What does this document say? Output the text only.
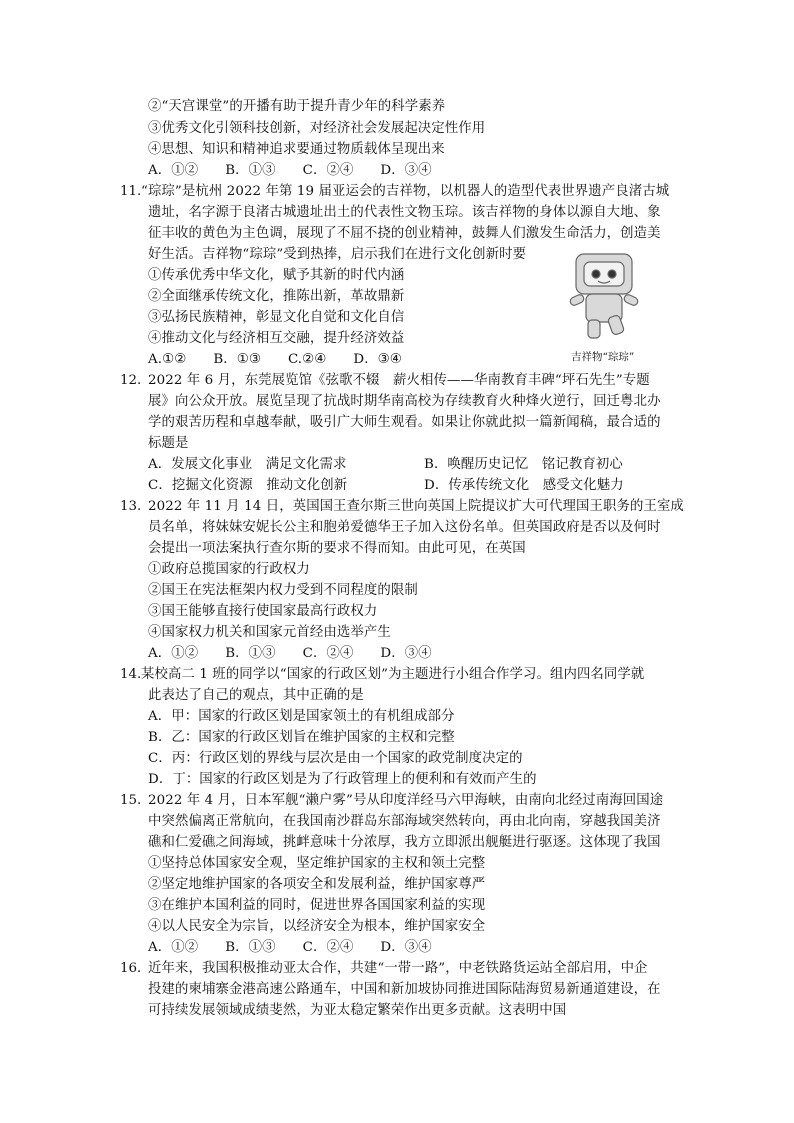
②“天宫课堂”的开播有助于提升青少年的科学素养
③优秀文化引领科技创新，对经济社会发展起决定性作用
④思想、知识和精神追求要通过物质载体呈现出来
A．①②　　B．①③　　C．②④　　D．③④
11. “琮琮”是杭州 2022 年第 19 届亚运会的吉祥物，以机器人的造型代表世界遗产良渚古城
遗址，名字源于良渚古城遗址出土的代表性文物玉琮。该吉祥物的身体以源自大地、象
征丰收的黄色为主色调，展现了不屈不挠的创业精神，鼓舞人们激发生命活力，创造美
好生活。吉祥物“琮琮”受到热捧，启示我们在进行文化创新时要
①传承优秀中华文化，赋予其新的时代内涵
②全面继承传统文化，推陈出新，革故鼎新
③弘扬民族精神，彰显文化自觉和文化自信
④推动文化与经济相互交融，提升经济效益
A.①②　　B．①③　　C.②④　　D．③④	吉祥物“琮琮”
12. 2022 年 6 月，东莞展览馆《弦歌不辍　薪火相传——华南教育丰碑“坪石先生”专题
展》向公众开放。展览呈现了抗战时期华南高校为存续教育火种烽火逆行，回迁粤北办
学的艰苦历程和卓越奉献，吸引广大师生观看。如果让你就此拟一篇新闻稿，最合适的
标题是
A．发展文化事业　满足文化需求	B．唤醒历史记忆　铭记教育初心
C．挖掘文化资源　推动文化创新	D．传承传统文化　感受文化魅力
13. 2022 年 11 月 14 日，英国国王查尔斯三世向英国上院提议扩大可代理国王职务的王室成
员名单，将妹妹安妮长公主和胞弟爱德华王子加入这份名单。但英国政府是否以及何时
会提出一项法案执行查尔斯的要求不得而知。由此可见，在英国
①政府总揽国家的行政权力
②国王在宪法框架内权力受到不同程度的限制
③国王能够直接行使国家最高行政权力
④国家权力机关和国家元首经由选举产生
A．①②　　B．①③　　C．②④　　D．③④
14. 某校高二 1 班的同学以“国家的行政区划”为主题进行小组合作学习。组内四名同学就
此表达了自己的观点，其中正确的是
A．甲：国家的行政区划是国家领土的有机组成部分
B．乙：国家的行政区划旨在维护国家的主权和完整
C．丙：行政区划的界线与层次是由一个国家的政党制度决定的
D．丁：国家的行政区划是为了行政管理上的便利和有效而产生的
15. 2022 年 4 月，日本军舰“濑户雾”号从印度洋经马六甲海峡，由南向北经过南海回国途
中突然偏离正常航向，在我国南沙群岛东部海域突然转向，再由北向南，穿越我国美济
礁和仁爱礁之间海域，挑衅意味十分浓厚，我方立即派出舰艇进行驱逐。这体现了我国
①坚持总体国家安全观，坚定维护国家的主权和领土完整
②坚定地维护国家的各项安全和发展利益，维护国家尊严
③在维护本国利益的同时，促进世界各国国家利益的实现
④以人民安全为宗旨，以经济安全为根本，维护国家安全
A．①②　　B．①③　　C．②④　　D．③④
16．
近年来，我国积极推动亚太合作，共建“一带一路”，中老铁路货运站全部启用，中企
投建的柬埔寨金港高速公路通车，中国和新加坡协同推进国际陆海贸易新通道建设，在
可持续发展领域成绩斐然，为亚太稳定繁荣作出更多贡献。这表明中国
